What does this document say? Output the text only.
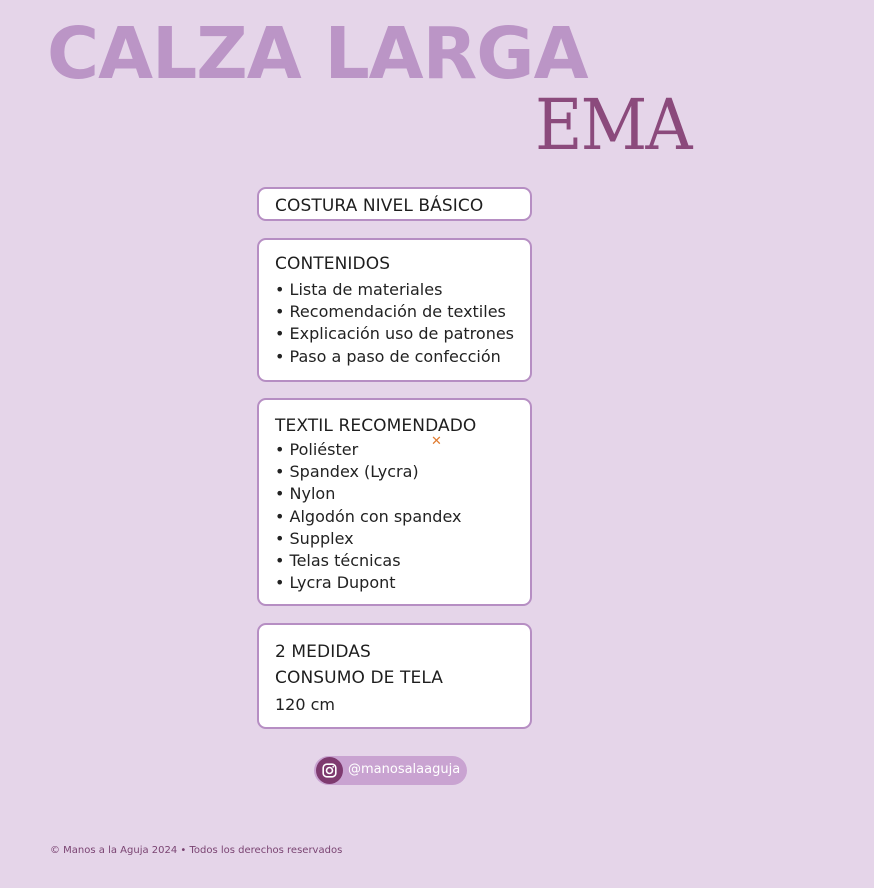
CALZA LARGA
EMA
COSTURA NIVEL BÁSICO
CONTENIDOS
• Lista de materiales
• Recomendación de textiles
• Explicación uso de patrones
• Paso a paso de confección
TEXTIL RECOMENDADO
✕
• Poliéster
• Spandex (Lycra)
• Nylon
• Algodón con spandex
• Supplex
• Telas técnicas
• Lycra Dupont
2 MEDIDAS
CONSUMO DE TELA
120 cm
@manosalaaguja
© Manos a la Aguja 2024 • Todos los derechos reservados
